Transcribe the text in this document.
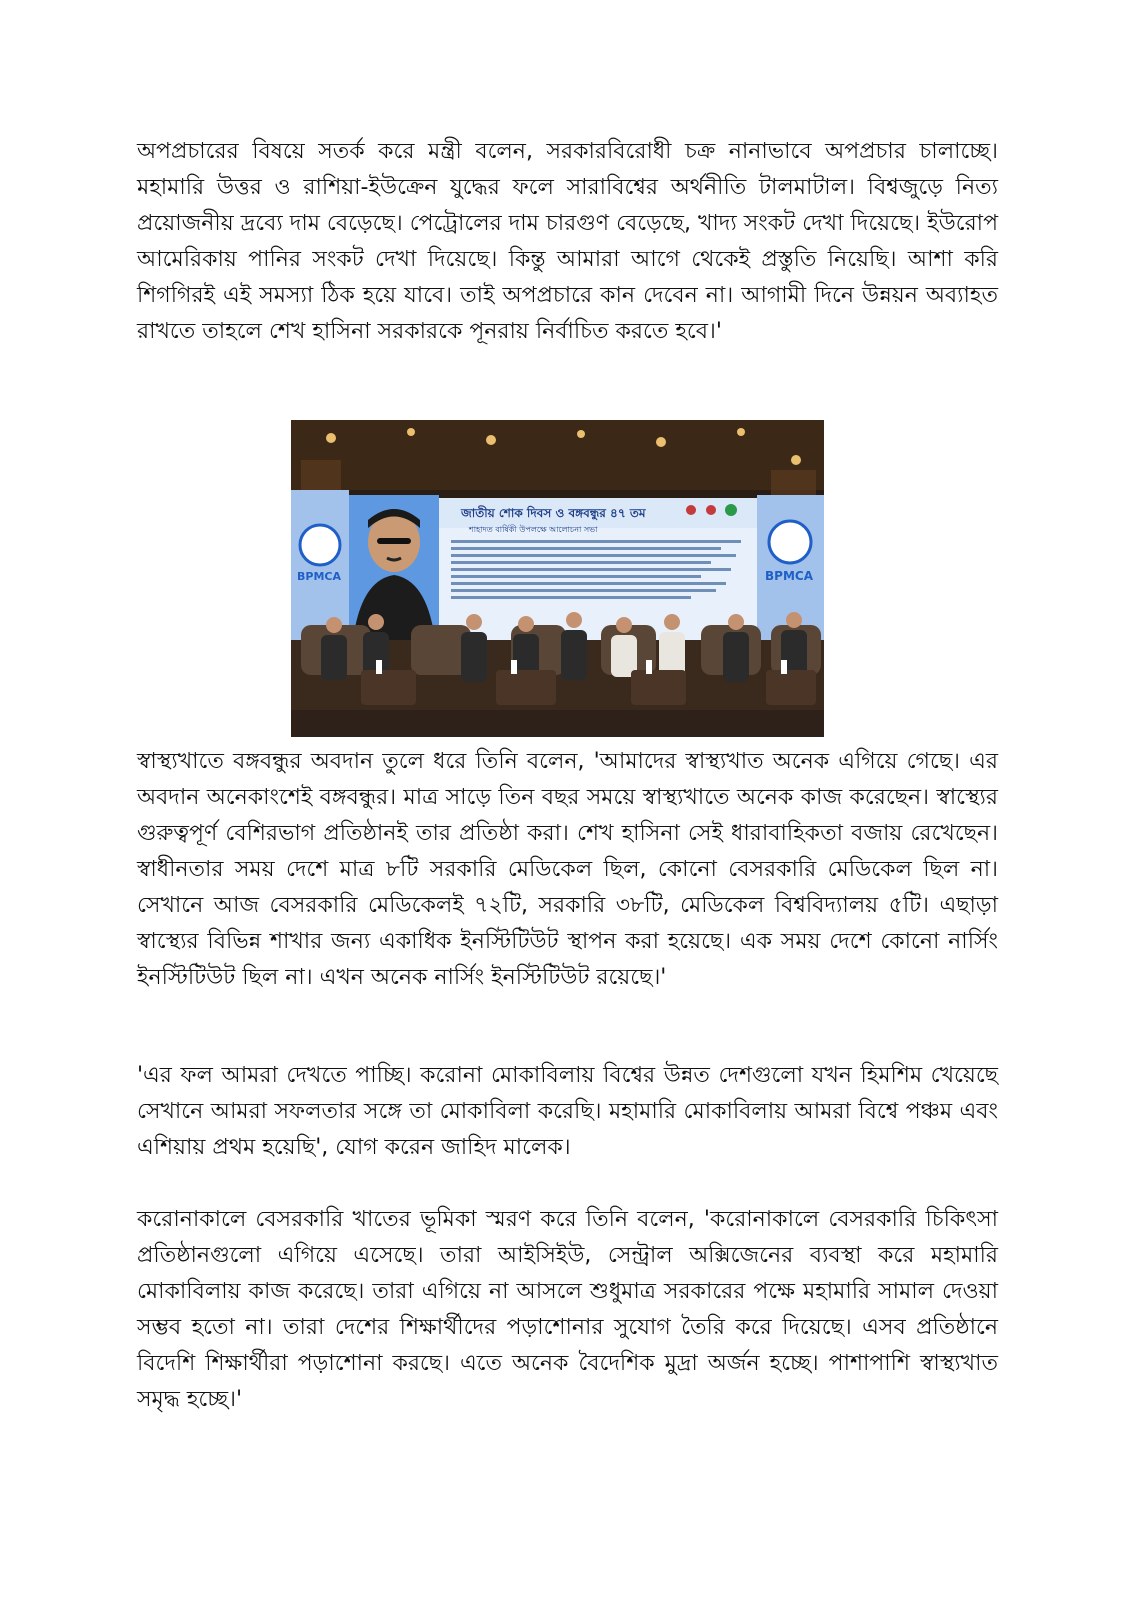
অপপ্রচারের বিষয়ে সতর্ক করে মন্ত্রী বলেন, সরকারবিরোধী চক্র নানাভাবে অপপ্রচার চালাচ্ছে। মহামারি উত্তর ও রাশিয়া-ইউক্রেন যুদ্ধের ফলে সারাবিশ্বের অর্থনীতি টালমাটাল। বিশ্বজুড়ে নিত্য প্রয়োজনীয় দ্রব্যে দাম বেড়েছে। পেট্রোলের দাম চারগুণ বেড়েছে, খাদ্য সংকট দেখা দিয়েছে। ইউরোপ আমেরিকায় পানির সংকট দেখা দিয়েছে। কিন্তু আমারা আগে থেকেই প্রস্তুতি নিয়েছি। আশা করি শিগগিরই এই সমস্যা ঠিক হয়ে যাবে। তাই অপপ্রচারে কান দেবেন না। আগামী দিনে উন্নয়ন অব্যাহত রাখতে তাহলে শেখ হাসিনা সরকারকে পূনরায় নির্বাচিত করতে হবে।'

BPMCA
জাতীয় শোক দিবস ও বঙ্গবন্ধুর ৪৭ তম
শাহাদত বার্ষিকী উপলক্ষে আলোচনা সভা
BPMCA

স্বাস্থ্যখাতে বঙ্গবন্ধুর অবদান তুলে ধরে তিনি বলেন, 'আমাদের স্বাস্থ্যখাত অনেক এগিয়ে গেছে। এর অবদান অনেকাংশেই বঙ্গবন্ধুর। মাত্র সাড়ে তিন বছর সময়ে স্বাস্থ্যখাতে অনেক কাজ করেছেন। স্বাস্থ্যের গুরুত্বপূর্ণ বেশিরভাগ প্রতিষ্ঠানই তার প্রতিষ্ঠা করা। শেখ হাসিনা সেই ধারাবাহিকতা বজায় রেখেছেন। স্বাধীনতার সময় দেশে মাত্র ৮টি সরকারি মেডিকেল ছিল, কোনো বেসরকারি মেডিকেল ছিল না। সেখানে আজ বেসরকারি মেডিকেলই ৭২টি, সরকারি ৩৮টি, মেডিকেল বিশ্ববিদ্যালয় ৫টি। এছাড়া স্বাস্থ্যের বিভিন্ন শাখার জন্য একাধিক ইনস্টিটিউট স্থাপন করা হয়েছে। এক সময় দেশে কোনো নার্সিং ইনস্টিটিউট ছিল না। এখন অনেক নার্সিং ইনস্টিটিউট রয়েছে।'

'এর ফল আমরা দেখতে পাচ্ছি। করোনা মোকাবিলায় বিশ্বের উন্নত দেশগুলো যখন হিমশিম খেয়েছে সেখানে আমরা সফলতার সঙ্গে তা মোকাবিলা করেছি। মহামারি মোকাবিলায় আমরা বিশ্বে পঞ্চম এবং এশিয়ায় প্রথম হয়েছি', যোগ করেন জাহিদ মালেক।

করোনাকালে বেসরকারি খাতের ভূমিকা স্মরণ করে তিনি বলেন, 'করোনাকালে বেসরকারি চিকিৎসা প্রতিষ্ঠানগুলো এগিয়ে এসেছে। তারা আইসিইউ, সেন্ট্রাল অক্সিজেনের ব্যবস্থা করে মহামারি মোকাবিলায় কাজ করেছে। তারা এগিয়ে না আসলে শুধুমাত্র সরকারের পক্ষে মহামারি সামাল দেওয়া সম্ভব হতো না। তারা দেশের শিক্ষার্থীদের পড়াশোনার সুযোগ তৈরি করে দিয়েছে। এসব প্রতিষ্ঠানে বিদেশি শিক্ষার্থীরা পড়াশোনা করছে। এতে অনেক বৈদেশিক মুদ্রা অর্জন হচ্ছে। পাশাপাশি স্বাস্থ্যখাত সমৃদ্ধ হচ্ছে।'
